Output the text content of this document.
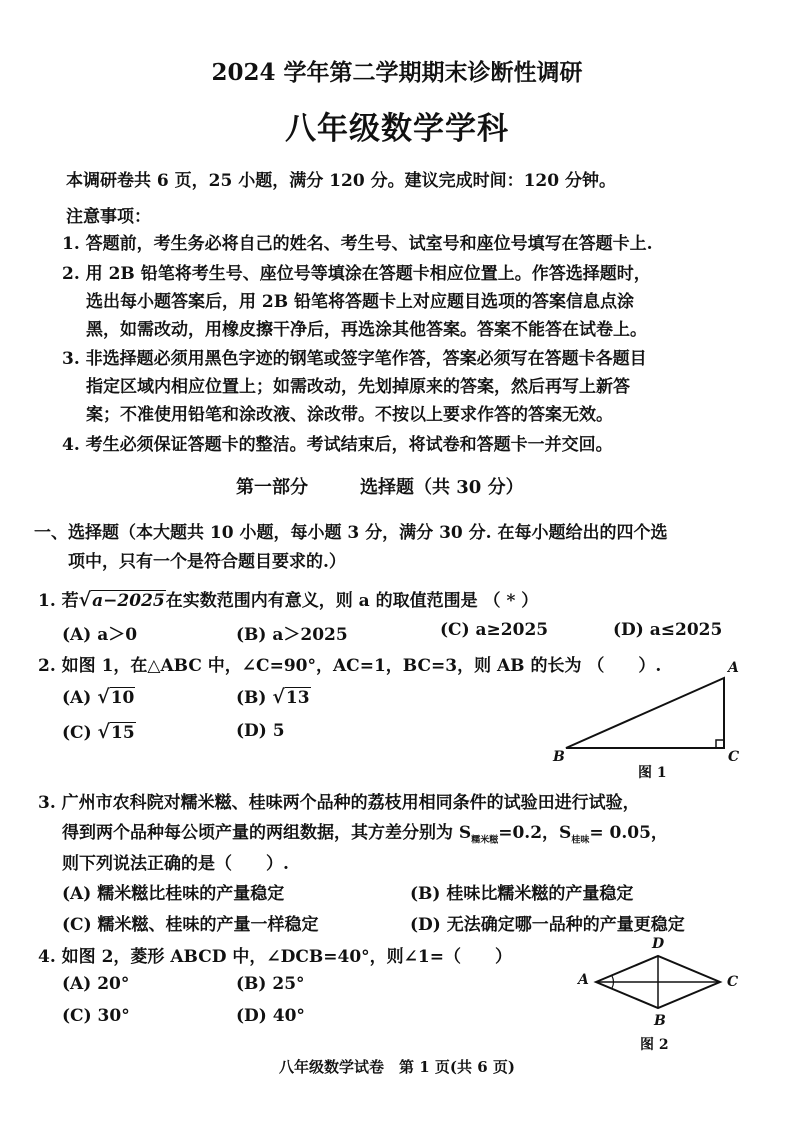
2024 学年第二学期期末诊断性调研
八年级数学学科
本调研卷共 6 页，25 小题，满分 120 分。建议完成时间：120 分钟。
注意事项：
1. 答题前，考生务必将自己的姓名、考生号、试室号和座位号填写在答题卡上.
2. 用 2B 铅笔将考生号、座位号等填涂在答题卡相应位置上。作答选择题时，
选出每小题答案后，用 2B 铅笔将答题卡上对应题目选项的答案信息点涂
黑，如需改动，用橡皮擦干净后，再选涂其他答案。答案不能答在试卷上。
3. 非选择题必须用黑色字迹的钢笔或签字笔作答，答案必须写在答题卡各题目
指定区域内相应位置上；如需改动，先划掉原来的答案，然后再写上新答
案；不准使用铅笔和涂改液、涂改带。不按以上要求作答的答案无效。
4. 考生必须保证答题卡的整洁。考试结束后，将试卷和答题卡一并交回。
第一部分	选择题（共 30 分）
一、选择题（本大题共 10 小题，每小题 3 分，满分 30 分. 在每小题给出的四个选
项中，只有一个是符合题目要求的.）
1. 若√a−2025在实数范围内有意义，则 a 的取值范围是 （ * ）
(A) a＞0	(B) a＞2025	(C) a≥2025	(D) a≤2025
2. 如图 1，在△ABC 中，∠C=90°，AC=1，BC=3，则 AB 的长为 （　　）.
(A) √10	(B) √13
(C) √15	(D) 5
A
B	C
图 1
3. 广州市农科院对糯米糍、桂味两个品种的荔枝用相同条件的试验田进行试验，
得到两个品种每公顷产量的两组数据，其方差分别为 $S_{糯米糍}=0.2$，$S_{桂味}= 0.05$，
则下列说法正确的是（　　）.
(A) 糯米糍比桂味的产量稳定	(B) 桂味比糯米糍的产量稳定
(C) 糯米糍、桂味的产量一样稳定	(D) 无法确定哪一品种的产量更稳定
4. 如图 2，菱形 ABCD 中，∠DCB=40°，则∠1=（　　）
(A) 20°	(B) 25°
(C) 30°	(D) 40°
D
A	C
B
图 2
八年级数学试卷　第 1 页(共 6 页)
